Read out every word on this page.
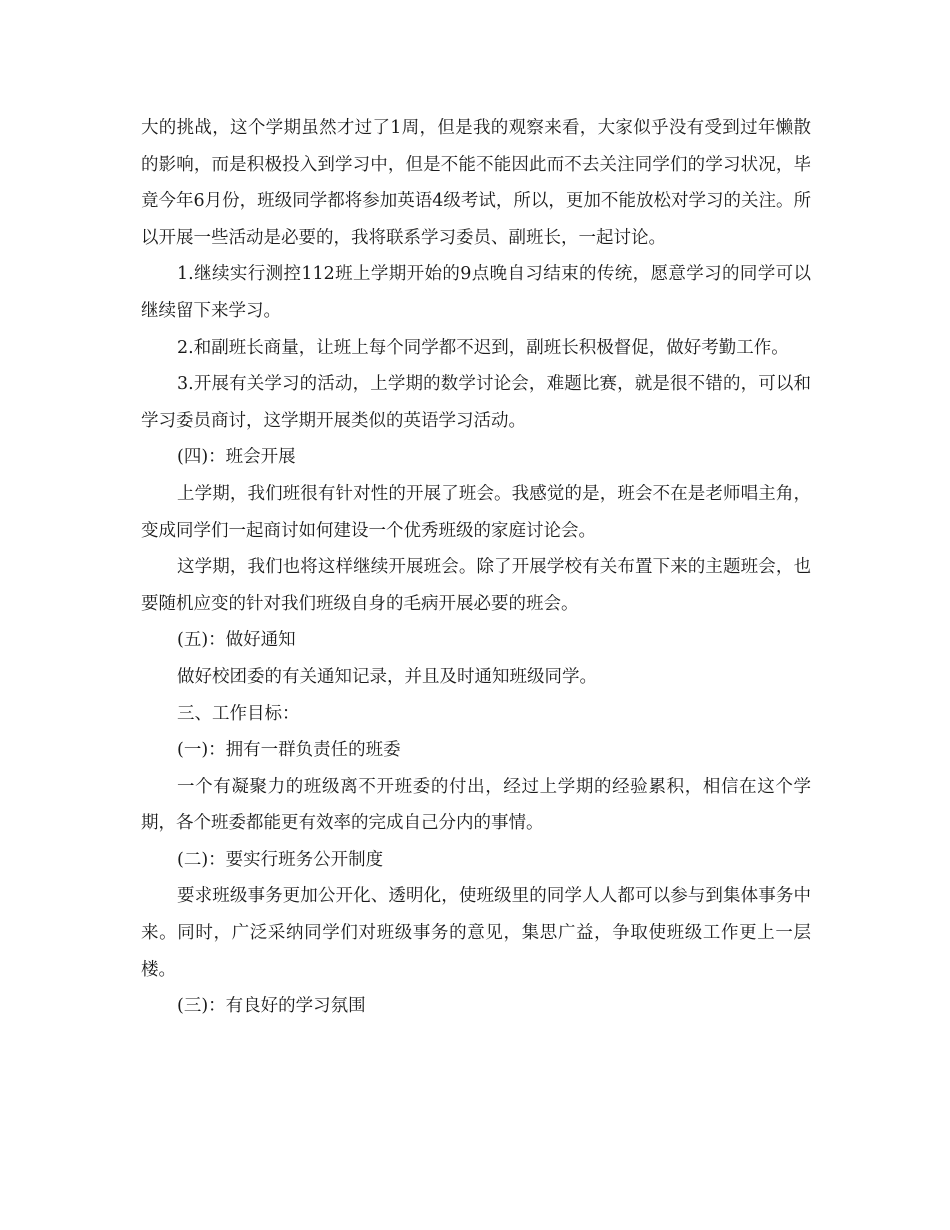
大的挑战，这个学期虽然才过了1周，但是我的观察来看，大家似乎没有受到过年懒散的影响，而是积极投入到学习中，但是不能不能因此而不去关注同学们的学习状况，毕竟今年6月份，班级同学都将参加英语4级考试，所以，更加不能放松对学习的关注。所以开展一些活动是必要的，我将联系学习委员、副班长，一起讨论。

1.继续实行测控112班上学期开始的9点晚自习结束的传统，愿意学习的同学可以继续留下来学习。

2.和副班长商量，让班上每个同学都不迟到，副班长积极督促，做好考勤工作。

3.开展有关学习的活动，上学期的数学讨论会，难题比赛，就是很不错的，可以和学习委员商讨，这学期开展类似的英语学习活动。

(四)：班会开展

上学期，我们班很有针对性的开展了班会。我感觉的是，班会不在是老师唱主角，变成同学们一起商讨如何建设一个优秀班级的家庭讨论会。

这学期，我们也将这样继续开展班会。除了开展学校有关布置下来的主题班会，也要随机应变的针对我们班级自身的毛病开展必要的班会。

(五)：做好通知

做好校团委的有关通知记录，并且及时通知班级同学。

三、工作目标：

(一)：拥有一群负责任的班委

一个有凝聚力的班级离不开班委的付出，经过上学期的经验累积，相信在这个学期，各个班委都能更有效率的完成自己分内的事情。

(二)：要实行班务公开制度

要求班级事务更加公开化、透明化，使班级里的同学人人都可以参与到集体事务中来。同时，广泛采纳同学们对班级事务的意见，集思广益，争取使班级工作更上一层楼。

(三)：有良好的学习氛围
